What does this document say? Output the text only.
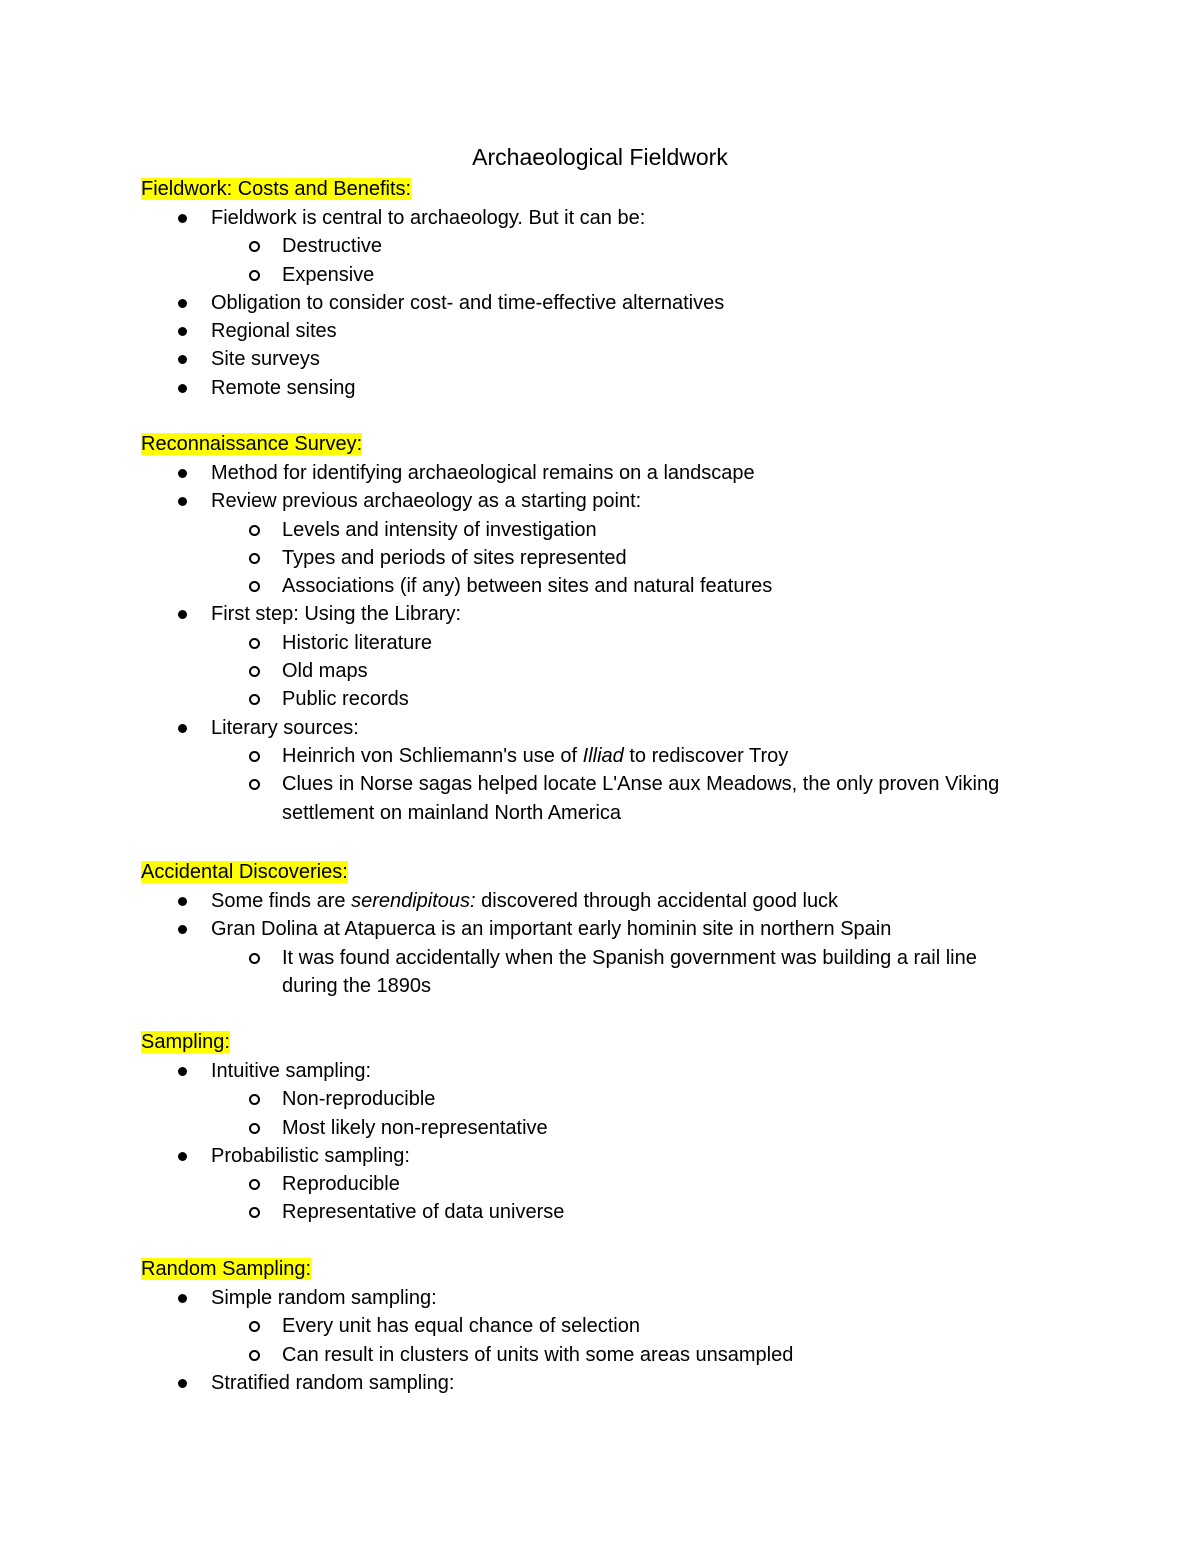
Archaeological Fieldwork
Fieldwork: Costs and Benefits:
Fieldwork is central to archaeology. But it can be:
Destructive
Expensive
Obligation to consider cost- and time-effective alternatives
Regional sites
Site surveys
Remote sensing
Reconnaissance Survey:
Method for identifying archaeological remains on a landscape
Review previous archaeology as a starting point:
Levels and intensity of investigation
Types and periods of sites represented
Associations (if any) between sites and natural features
First step: Using the Library:
Historic literature
Old maps
Public records
Literary sources:
Heinrich von Schliemann's use of Illiad to rediscover Troy
Clues in Norse sagas helped locate L'Anse aux Meadows, the only proven Viking
settlement on mainland North America
Accidental Discoveries:
Some finds are serendipitous: discovered through accidental good luck
Gran Dolina at Atapuerca is an important early hominin site in northern Spain
It was found accidentally when the Spanish government was building a rail line
during the 1890s
Sampling:
Intuitive sampling:
Non-reproducible
Most likely non-representative
Probabilistic sampling:
Reproducible
Representative of data universe
Random Sampling:
Simple random sampling:
Every unit has equal chance of selection
Can result in clusters of units with some areas unsampled
Stratified random sampling:
